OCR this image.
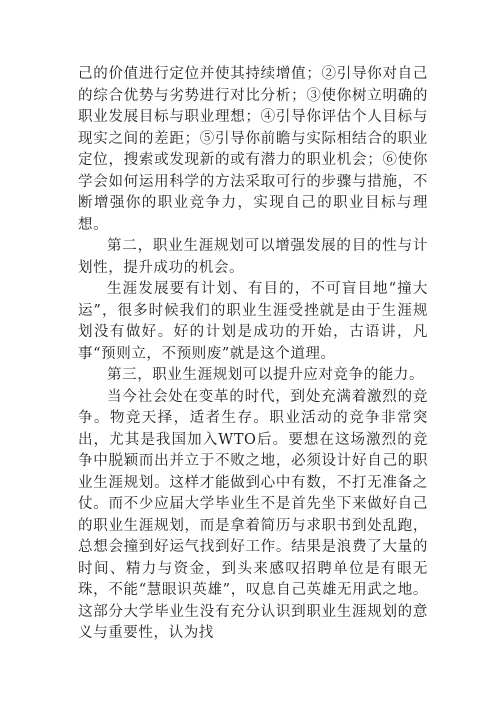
己的价值进行定位并使其持续增值；②引导你对自己的综合优势与劣势进行对比分析；③使你树立明确的职业发展目标与职业理想；④引导你评估个人目标与现实之间的差距；⑤引导你前瞻与实际相结合的职业定位，搜索或发现新的或有潜力的职业机会；⑥使你学会如何运用科学的方法采取可行的步骤与措施，不断增强你的职业竞争力，实现自己的职业目标与理想。

第二，职业生涯规划可以增强发展的目的性与计划性，提升成功的机会。

生涯发展要有计划、有目的，不可盲目地“撞大运”，很多时候我们的职业生涯受挫就是由于生涯规划没有做好。好的计划是成功的开始，古语讲，凡事“预则立，不预则废”就是这个道理。

第三，职业生涯规划可以提升应对竞争的能力。

当今社会处在变革的时代，到处充满着激烈的竞争。物竞天择，适者生存。职业活动的竞争非常突出，尤其是我国加入WTO后。要想在这场激烈的竞争中脱颖而出并立于不败之地，必须设计好自己的职业生涯规划。这样才能做到心中有数，不打无准备之仗。而不少应届大学毕业生不是首先坐下来做好自己的职业生涯规划，而是拿着简历与求职书到处乱跑，总想会撞到好运气找到好工作。结果是浪费了大量的时间、精力与资金，到头来感叹招聘单位是有眼无珠，不能“慧眼识英雄”，叹息自己英雄无用武之地。这部分大学毕业生没有充分认识到职业生涯规划的意义与重要性，认为找
